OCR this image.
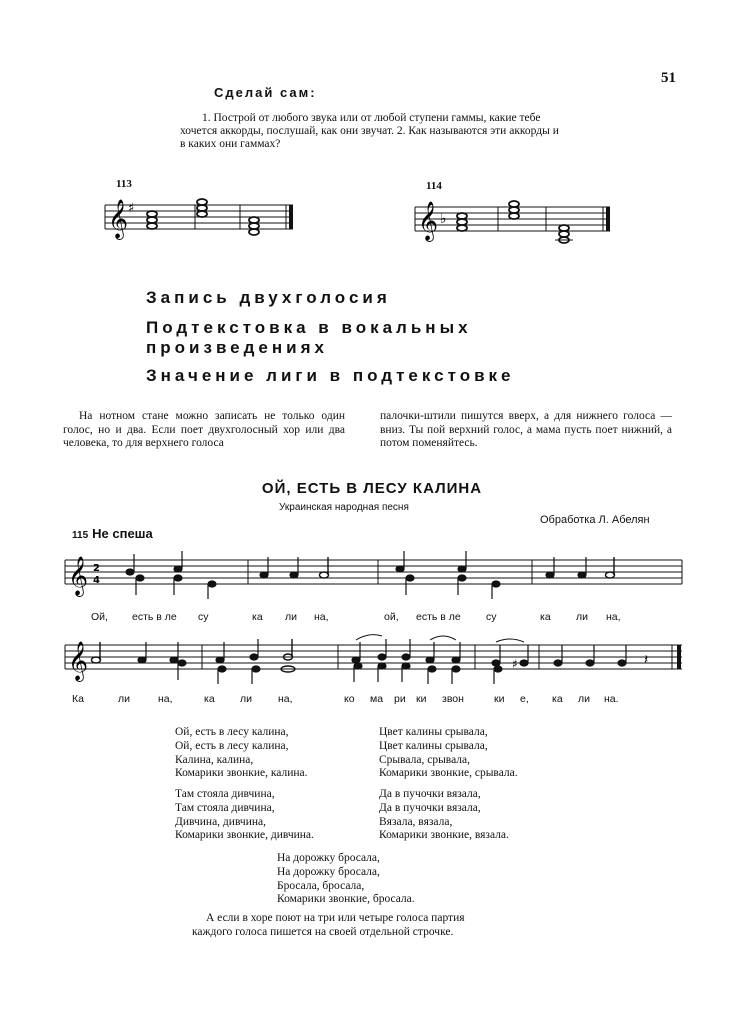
51
Сделай сам:
1. Построй от любого звука или от любой ступени гаммы, какие тебе хочется аккорды, послушай, как они звучат. 2. Как называются эти аккорды и в каких они гаммах?
113
𝄞 ♯
114
𝄞 ♭
Запись двухголосия
Подтекстовка в вокальных
произведениях
Значение лиги в подтекстовке
На нотном стане можно записать не только один голос, но и два. Если поет двухголосный хор или два человека, то для верхнего голоса
палочки-штили пишутся вверх, а для нижнего голоса — вниз. Ты пой верхний голос, а мама пусть поет нижний, а потом поменяйтесь.
ОЙ, ЕСТЬ В ЛЕСУ КАЛИНА
Украинская народная песня
Обработка Л. Абелян
115 Не спеша
𝄞 2
4
Ой, есть в ле су	ка ли на,	ой, есть в ле су	ка ли на,
𝄞	♯	𝄽
Ка	ли	на,	ка ли на,	ко ма ри ки звон	ки е, ка ли на.
Ой, есть в лесу калина,
Ой, есть в лесу калина,
Калина, калина,
Комарики звонкие, калина.
Цвет калины срывала,
Цвет калины срывала,
Срывала, срывала,
Комарики звонкие, срывала.
Там стояла дивчина,
Там стояла дивчина,
Дивчина, дивчина,
Комарики звонкие, дивчина.
Да в пучочки вязала,
Да в пучочки вязала,
Вязала, вязала,
Комарики звонкие, вязала.
На дорожку бросала,
На дорожку бросала,
Бросала, бросала,
Комарики звонкие, бросала.
А если в хоре поют на три или четыре голоса партия каждого голоса пишется на своей отдельной строчке.
